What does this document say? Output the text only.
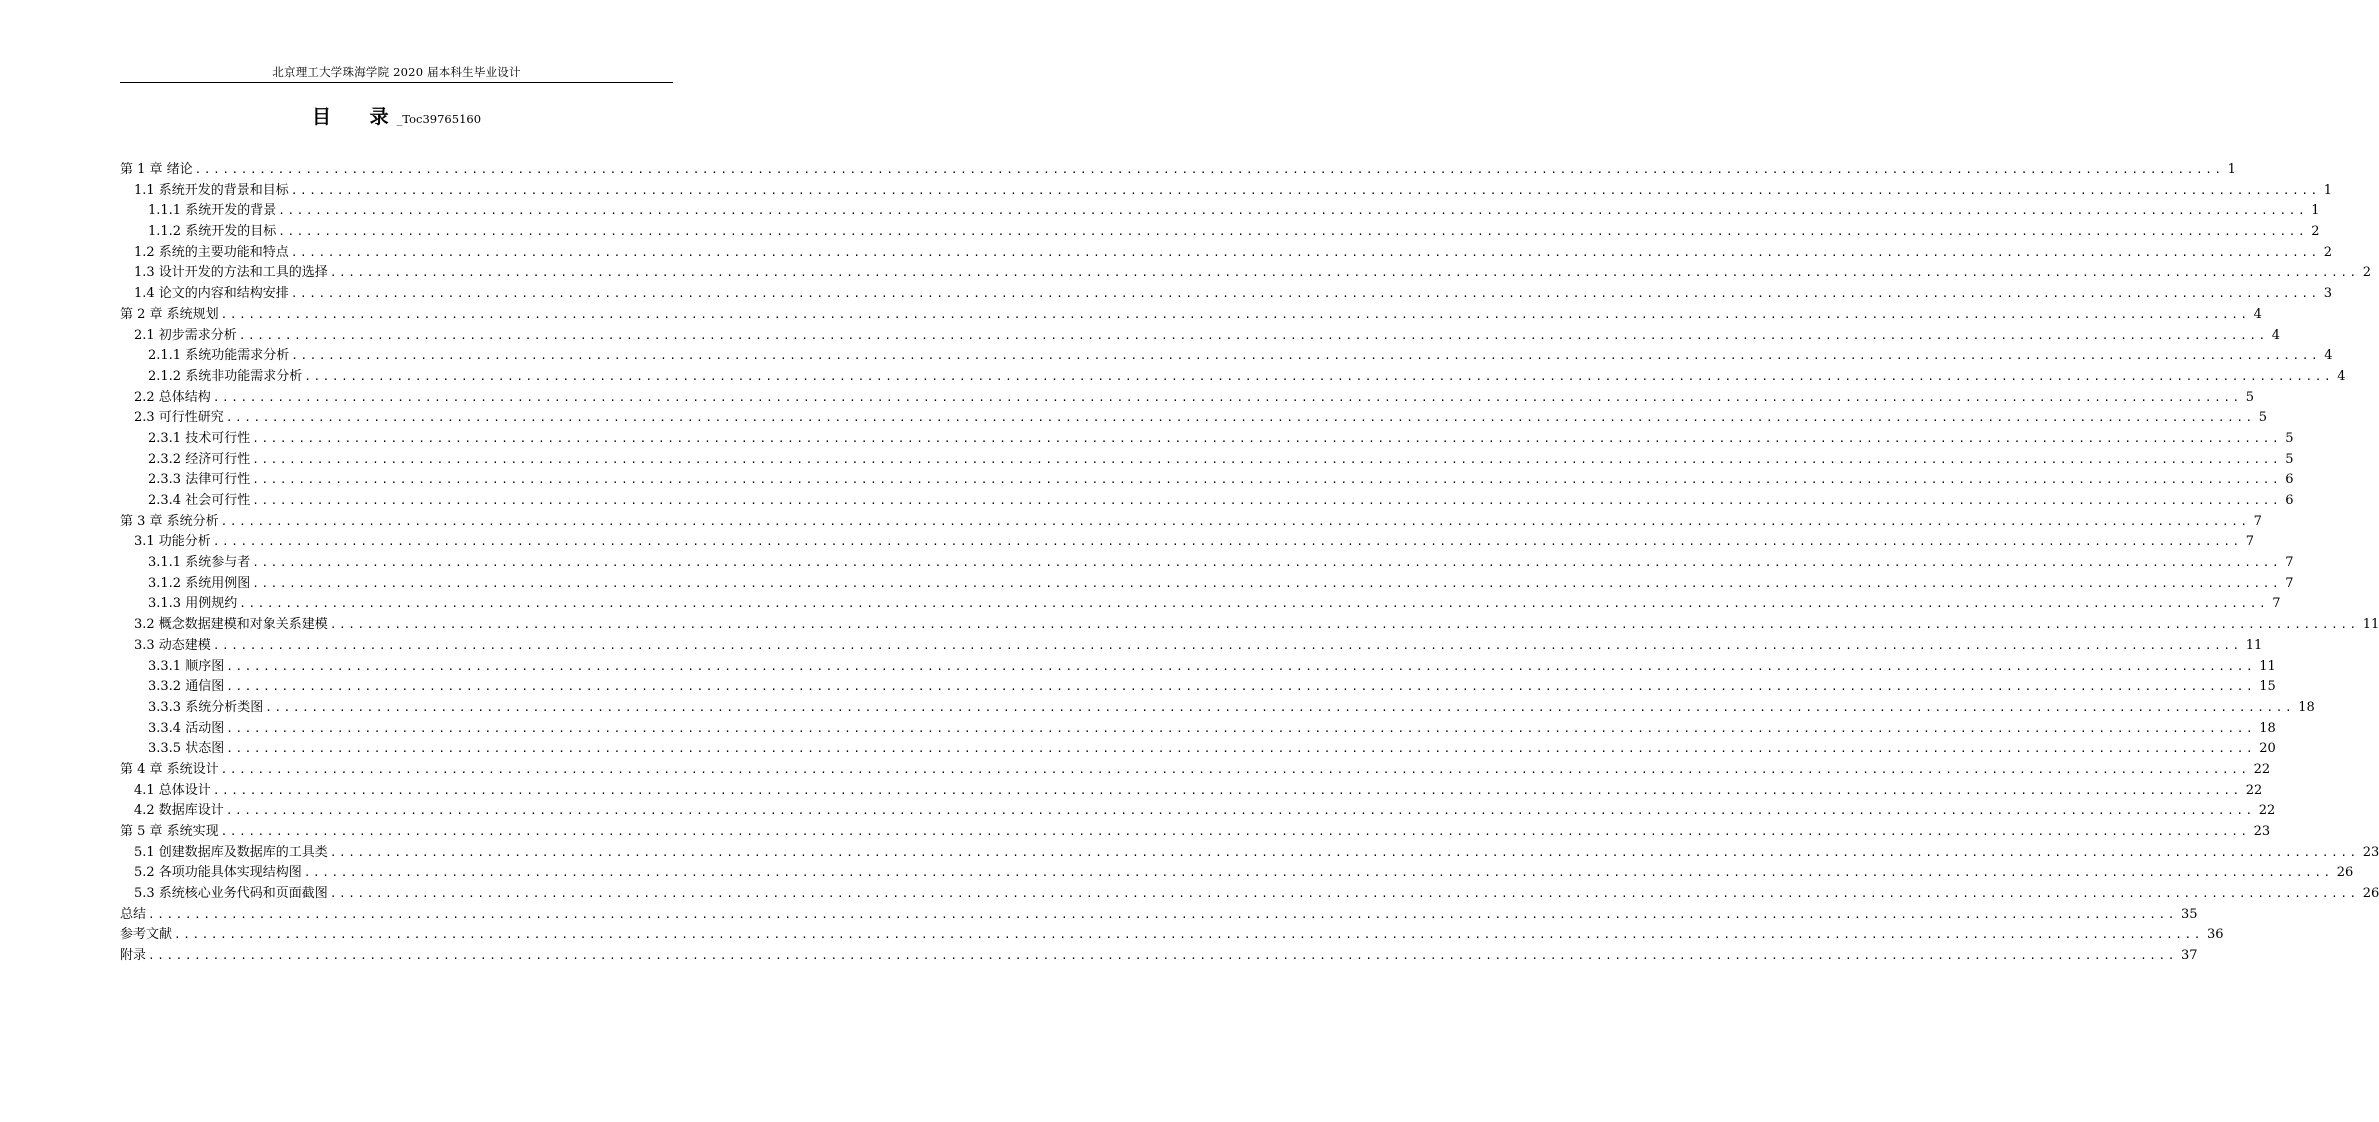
北京理工大学珠海学院 2020 届本科生毕业设计
目 录_Toc39765160
第 1 章 绪论 ............................................................................................................................................................................................................................ 1
1.1 系统开发的背景和目标 ............................................................................................................................................................................................................................ 1
1.1.1 系统开发的背景 ............................................................................................................................................................................................................................ 1
1.1.2 系统开发的目标 ............................................................................................................................................................................................................................ 2
1.2 系统的主要功能和特点 ............................................................................................................................................................................................................................ 2
1.3 设计开发的方法和工具的选择 ............................................................................................................................................................................................................................ 2
1.4 论文的内容和结构安排 ............................................................................................................................................................................................................................ 3
第 2 章 系统规划 ............................................................................................................................................................................................................................ 4
2.1 初步需求分析 ............................................................................................................................................................................................................................ 4
2.1.1 系统功能需求分析 ............................................................................................................................................................................................................................ 4
2.1.2 系统非功能需求分析 ............................................................................................................................................................................................................................ 4
2.2 总体结构 ............................................................................................................................................................................................................................ 5
2.3 可行性研究 ............................................................................................................................................................................................................................ 5
2.3.1 技术可行性 ............................................................................................................................................................................................................................ 5
2.3.2 经济可行性 ............................................................................................................................................................................................................................ 5
2.3.3 法律可行性 ............................................................................................................................................................................................................................ 6
2.3.4 社会可行性 ............................................................................................................................................................................................................................ 6
第 3 章 系统分析 ............................................................................................................................................................................................................................ 7
3.1 功能分析 ............................................................................................................................................................................................................................ 7
3.1.1 系统参与者 ............................................................................................................................................................................................................................ 7
3.1.2 系统用例图 ............................................................................................................................................................................................................................ 7
3.1.3 用例规约 ............................................................................................................................................................................................................................ 7
3.2 概念数据建模和对象关系建模 ............................................................................................................................................................................................................................ 11
3.3 动态建模 ............................................................................................................................................................................................................................ 11
3.3.1 顺序图 ............................................................................................................................................................................................................................ 11
3.3.2 通信图 ............................................................................................................................................................................................................................ 15
3.3.3 系统分析类图 ............................................................................................................................................................................................................................ 18
3.3.4 活动图 ............................................................................................................................................................................................................................ 18
3.3.5 状态图 ............................................................................................................................................................................................................................ 20
第 4 章 系统设计 ............................................................................................................................................................................................................................ 22
4.1 总体设计 ............................................................................................................................................................................................................................ 22
4.2 数据库设计 ............................................................................................................................................................................................................................ 22
第 5 章 系统实现 ............................................................................................................................................................................................................................ 23
5.1 创建数据库及数据库的工具类 ............................................................................................................................................................................................................................ 23
5.2 各项功能具体实现结构图 ............................................................................................................................................................................................................................ 26
5.3 系统核心业务代码和页面截图 ............................................................................................................................................................................................................................ 26
总结 ............................................................................................................................................................................................................................ 35
参考文献 ............................................................................................................................................................................................................................ 36
附录 ............................................................................................................................................................................................................................ 37
